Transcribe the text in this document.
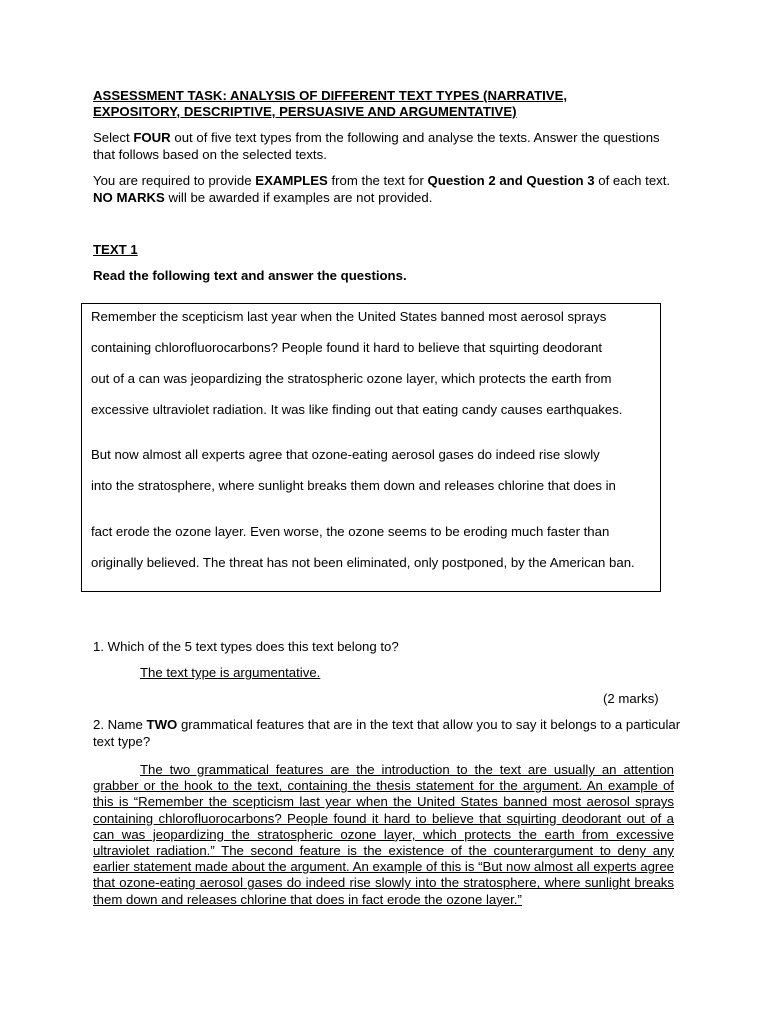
ASSESSMENT TASK: ANALYSIS OF DIFFERENT TEXT TYPES (NARRATIVE, EXPOSITORY, DESCRIPTIVE, PERSUASIVE AND ARGUMENTATIVE)
Select FOUR out of five text types from the following and analyse the texts. Answer the questions that follows based on the selected texts.
You are required to provide EXAMPLES from the text for Question 2 and Question 3 of each text. NO MARKS will be awarded if examples are not provided.
TEXT 1
Read the following text and answer the questions.
Remember the scepticism last year when the United States banned most aerosol sprays
containing chlorofluorocarbons? People found it hard to believe that squirting deodorant
out of a can was jeopardizing the stratospheric ozone layer, which protects the earth from
excessive ultraviolet radiation. It was like finding out that eating candy causes earthquakes.
But now almost all experts agree that ozone-eating aerosol gases do indeed rise slowly
into the stratosphere, where sunlight breaks them down and releases chlorine that does in
fact erode the ozone layer. Even worse, the ozone seems to be eroding much faster than
originally believed. The threat has not been eliminated, only postponed, by the American ban.
1. Which of the 5 text types does this text belong to?
The text type is argumentative.
(2 marks)
2. Name TWO grammatical features that are in the text that allow you to say it belongs to a particular text type?
The two grammatical features are the introduction to the text are usually an attention grabber or the hook to the text, containing the thesis statement for the argument. An example of this is “Remember the scepticism last year when the United States banned most aerosol sprays containing chlorofluorocarbons? People found it hard to believe that squirting deodorant out of a can was jeopardizing the stratospheric ozone layer, which protects the earth from excessive ultraviolet radiation.” The second feature is the existence of the counterargument to deny any earlier statement made about the argument. An example of this is “But now almost all experts agree that ozone-eating aerosol gases do indeed rise slowly into the stratosphere, where sunlight breaks them down and releases chlorine that does in fact erode the ozone layer.”
